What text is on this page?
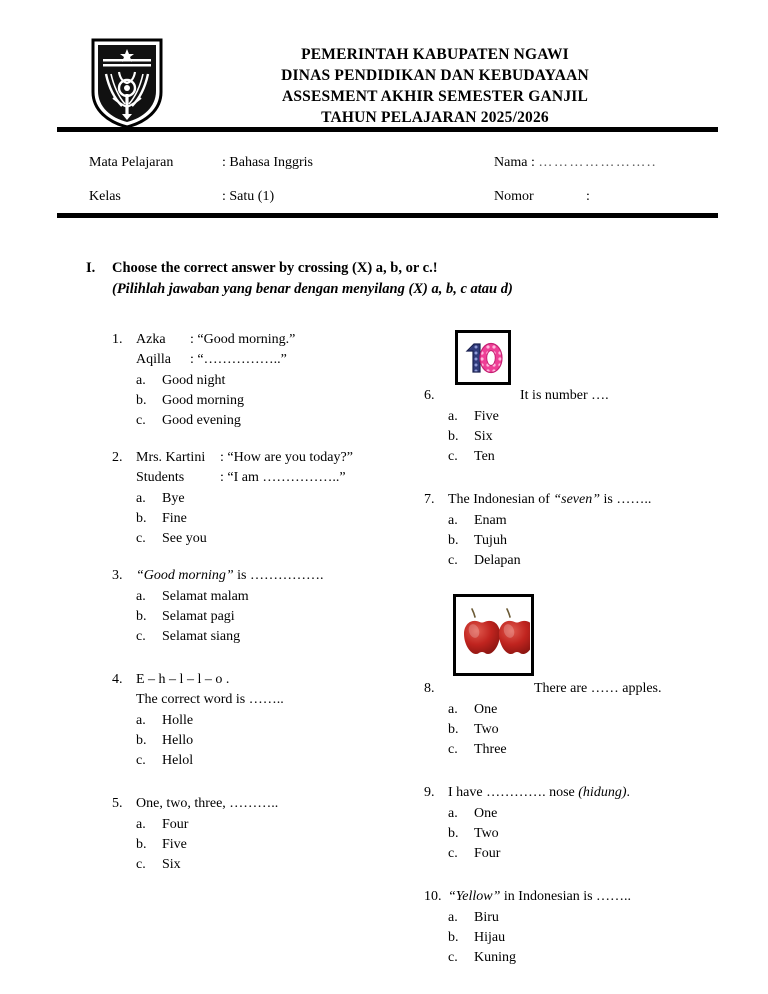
PEMERINTAH KABUPATEN NGAWI
DINAS PENDIDIKAN DAN KEBUDAYAAN
ASSESMENT AKHIR SEMESTER GANJIL
TAHUN PELAJARAN 2025/2026
Mata Pelajaran	: Bahasa Inggris	Nama : …………………..
Kelas	: Satu (1)	Nomor	:
I.	Choose the correct answer by crossing (X) a, b, or c.!
(Pilihlah jawaban yang benar dengan menyilang (X) a, b, c atau d)
1. Azka : “Good morning.”
Aqilla : “……………..”
a.	Good night
b.	Good morning
c.	Good evening
2. Mrs. Kartini : “How are you today?”
Students	: “I am ……………..”
a.	Bye
b.	Fine
c.	See you
3. “Good morning” is …………….
a.	Selamat malam
b.	Selamat pagi
c.	Selamat siang
4. E – h – l – l – o .
The correct word is ……..
a.	Holle
b.	Hello
c.	Helol
5. One, two, three, ………..
a.	Four
b.	Five
c.	Six
6.	It is number ….
a.	Five
b.	Six
c.	Ten
7. The Indonesian of “seven” is ……..
a.	Enam
b.	Tujuh
c.	Delapan
8.	There are …… apples.
a.	One
b.	Two
c.	Three
9. I have …………. nose (hidung).
a.	One
b.	Two
c.	Four
10. “Yellow” in Indonesian is ……..
a.	Biru
b.	Hijau
c.	Kuning
